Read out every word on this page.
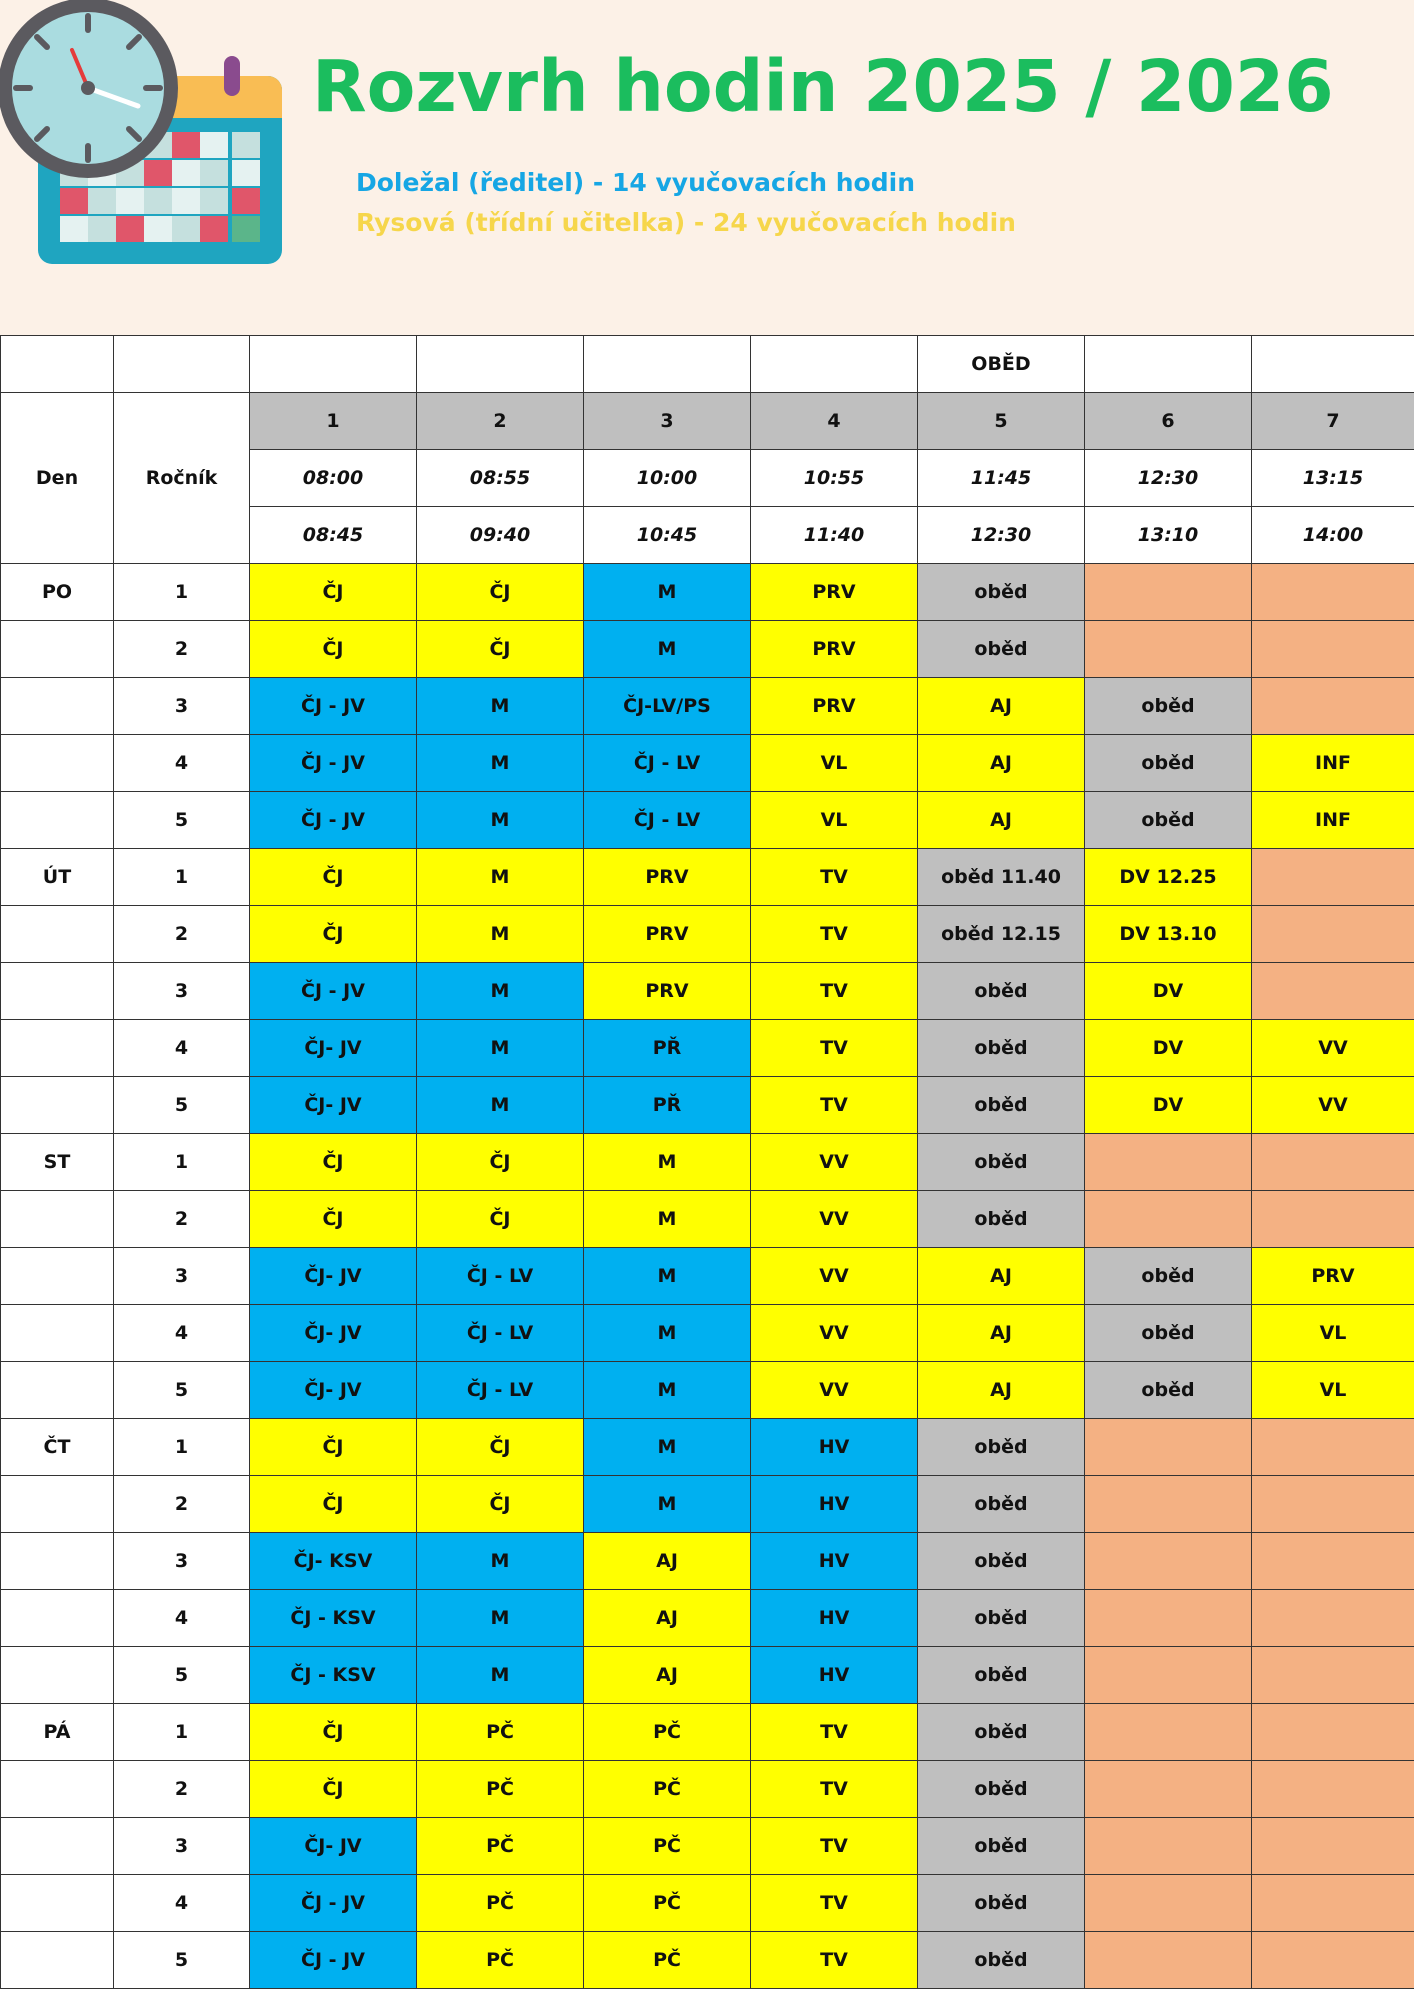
Rozvrh hodin 2025 / 2026
Doležal (ředitel) - 14 vyučovacích hodin
Rysová (třídní učitelka) - 24 vyučovacích hodin
						OBĚD		
Den	Ročník	1	2	3	4	5	6	7
		08:00	08:55	10:00	10:55	11:45	12:30	13:15
		08:45	09:40	10:45	11:40	12:30	13:10	14:00
PO	1	ČJ	ČJ	M	PRV	oběd		
	2	ČJ	ČJ	M	PRV	oběd		
	3	ČJ - JV	M	ČJ-LV/PS	PRV	AJ	oběd	
	4	ČJ - JV	M	ČJ - LV	VL	AJ	oběd	INF
	5	ČJ - JV	M	ČJ - LV	VL	AJ	oběd	INF
ÚT	1	ČJ	M	PRV	TV	oběd 11.40	DV 12.25	
	2	ČJ	M	PRV	TV	oběd 12.15	DV 13.10	
	3	ČJ - JV	M	PRV	TV	oběd	DV	
	4	ČJ- JV	M	PŘ	TV	oběd	DV	VV
	5	ČJ- JV	M	PŘ	TV	oběd	DV	VV
ST	1	ČJ	ČJ	M	VV	oběd		
	2	ČJ	ČJ	M	VV	oběd		
	3	ČJ- JV	ČJ - LV	M	VV	AJ	oběd	PRV
	4	ČJ- JV	ČJ - LV	M	VV	AJ	oběd	VL
	5	ČJ- JV	ČJ - LV	M	VV	AJ	oběd	VL
ČT	1	ČJ	ČJ	M	HV	oběd		
	2	ČJ	ČJ	M	HV	oběd		
	3	ČJ- KSV	M	AJ	HV	oběd		
	4	ČJ - KSV	M	AJ	HV	oběd		
	5	ČJ - KSV	M	AJ	HV	oběd		
PÁ	1	ČJ	PČ	PČ	TV	oběd		
	2	ČJ	PČ	PČ	TV	oběd		
	3	ČJ- JV	PČ	PČ	TV	oběd		
	4	ČJ - JV	PČ	PČ	TV	oběd		
	5	ČJ - JV	PČ	PČ	TV	oběd		
